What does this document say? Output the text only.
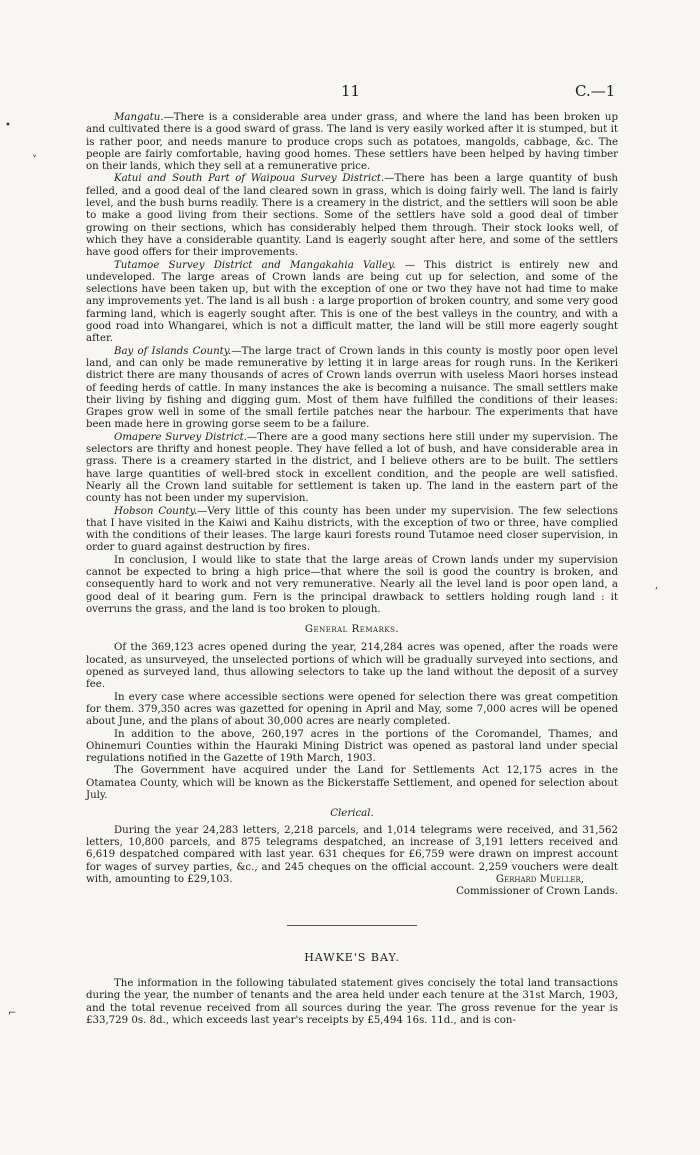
11	C.—1
•
˅
,
⌐

Mangatu.—There is a considerable area under grass, and where the land has been broken up and cultivated there is a good sward of grass. The land is very easily worked after it is stumped, but it is rather poor, and needs manure to produce crops such as potatoes, mangolds, cabbage, &c. The people are fairly comfortable, having good homes. These settlers have been helped by having timber on their lands, which they sell at a remunerative price.

Katui and South Part of Waipoua Survey District.—There has been a large quantity of bush felled, and a good deal of the land cleared sown in grass, which is doing fairly well. The land is fairly level, and the bush burns readily. There is a creamery in the district, and the settlers will soon be able to make a good living from their sections. Some of the settlers have sold a good deal of timber growing on their sections, which has considerably helped them through. Their stock looks well, of which they have a considerable quantity. Land is eagerly sought after here, and some of the settlers have good offers for their improvements.

Tutamoe Survey District and Mangakahia Valley. — This district is entirely new and undeveloped. The large areas of Crown lands are being cut up for selection, and some of the selections have been taken up, but with the exception of one or two they have not had time to make any improvements yet. The land is all bush : a large proportion of broken country, and some very good farming land, which is eagerly sought after. This is one of the best valleys in the country, and with a good road into Whangarei, which is not a difficult matter, the land will be still more eagerly sought after.

Bay of Islands County.—The large tract of Crown lands in this county is mostly poor open level land, and can only be made remunerative by letting it in large areas for rough runs. In the Kerikeri district there are many thousands of acres of Crown lands overrun with useless Maori horses instead of feeding herds of cattle. In many instances the ake is becoming a nuisance. The small settlers make their living by fishing and digging gum. Most of them have fulfilled the conditions of their leases: Grapes grow well in some of the small fertile patches near the harbour. The experiments that have been made here in growing gorse seem to be a failure.

Omapere Survey District.—There are a good many sections here still under my supervision. The selectors are thrifty and honest people. They have felled a lot of bush, and have considerable area in grass. There is a creamery started in the district, and I believe others are to be built. The settlers have large quantities of well-bred stock in excellent condition, and the people are well satisfied. Nearly all the Crown land suitable for settlement is taken up. The land in the eastern part of the county has not been under my supervision.

Hobson County.—Very little of this county has been under my supervision. The few selections that I have visited in the Kaiwi and Kaihu districts, with the exception of two or three, have complied with the conditions of their leases. The large kauri forests round Tutamoe need closer supervision, in order to guard against destruction by fires.

In conclusion, I would like to state that the large areas of Crown lands under my supervision cannot be expected to bring a high price—that where the soil is good the country is broken, and consequently hard to work and not very remunerative. Nearly all the level land is poor open land, a good deal of it bearing gum. Fern is the principal drawback to settlers holding rough land : it overruns the grass, and the land is too broken to plough.

General Remarks.

Of the 369,123 acres opened during the year, 214,284 acres was opened, after the roads were located, as unsurveyed, the unselected portions of which will be gradually surveyed into sections, and opened as surveyed land, thus allowing selectors to take up the land without the deposit of a survey fee.

In every case where accessible sections were opened for selection there was great competition for them. 379,350 acres was gazetted for opening in April and May, some 7,000 acres will be opened about June, and the plans of about 30,000 acres are nearly completed.

In addition to the above, 260,197 acres in the portions of the Coromandel, Thames, and Ohinemuri Counties within the Hauraki Mining District was opened as pastoral land under special regulations notified in the Gazette of 19th March, 1903.

The Government have acquired under the Land for Settlements Act 12,175 acres in the Otamatea County, which will be known as the Bickerstaffe Settlement, and opened for selection about July.

Clerical.

During the year 24,283 letters, 2,218 parcels, and 1,014 telegrams were received, and 31,562 letters, 10,800 parcels, and 875 telegrams despatched, an increase of 3,191 letters received and 6,619 despatched compared with last year. 631 cheques for £6,759 were drawn on imprest account for wages of survey parties, &c., and 245 cheques on the official account. 2,259 vouchers were dealt with, amounting to £29,103.	Gerhard Mueller,
Commissioner of Crown Lands.
HAWKE'S BAY.

The information in the following tabulated statement gives concisely the total land transactions during the year, the number of tenants and the area held under each tenure at the 31st March, 1903, and the total revenue received from all sources during the year. The gross revenue for the year is £33,729 0s. 8d., which exceeds last year's receipts by £5,494 16s. 11d., and is con-
